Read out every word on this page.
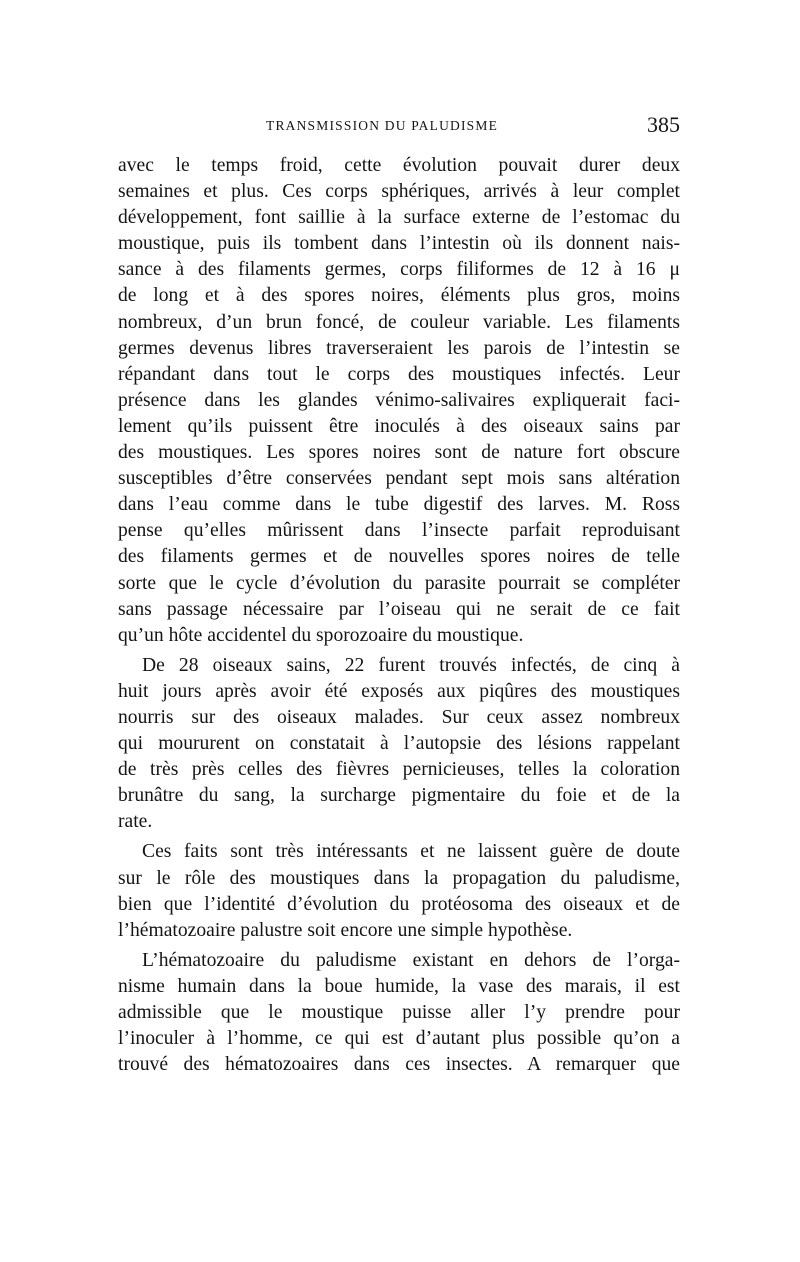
TRANSMISSION DU PALUDISME	385
avec le temps froid, cette évolution pouvait durer deux
semaines et plus. Ces corps sphériques, arrivés à leur complet
développement, font saillie à la surface externe de l’estomac du
moustique, puis ils tombent dans l’intestin où ils donnent nais-
sance à des filaments germes, corps filiformes de 12 à 16 μ
de long et à des spores noires, éléments plus gros, moins
nombreux, d’un brun foncé, de couleur variable. Les filaments
germes devenus libres traverseraient les parois de l’intestin se
répandant dans tout le corps des moustiques infectés. Leur
présence dans les glandes vénimo-salivaires expliquerait faci-
lement qu’ils puissent être inoculés à des oiseaux sains par
des moustiques. Les spores noires sont de nature fort obscure
susceptibles d’être conservées pendant sept mois sans altération
dans l’eau comme dans le tube digestif des larves. M. Ross
pense qu’elles mûrissent dans l’insecte parfait reproduisant
des filaments germes et de nouvelles spores noires de telle
sorte que le cycle d’évolution du parasite pourrait se compléter
sans passage nécessaire par l’oiseau qui ne serait de ce fait
qu’un hôte accidentel du sporozoaire du moustique.
De 28 oiseaux sains, 22 furent trouvés infectés, de cinq à
huit jours après avoir été exposés aux piqûres des moustiques
nourris sur des oiseaux malades. Sur ceux assez nombreux
qui moururent on constatait à l’autopsie des lésions rappelant
de très près celles des fièvres pernicieuses, telles la coloration
brunâtre du sang, la surcharge pigmentaire du foie et de la
rate.
Ces faits sont très intéressants et ne laissent guère de doute
sur le rôle des moustiques dans la propagation du paludisme,
bien que l’identité d’évolution du protéosoma des oiseaux et de
l’hématozoaire palustre soit encore une simple hypothèse.
L’hématozoaire du paludisme existant en dehors de l’orga-
nisme humain dans la boue humide, la vase des marais, il est
admissible que le moustique puisse aller l’y prendre pour
l’inoculer à l’homme, ce qui est d’autant plus possible qu’on a
trouvé des hématozoaires dans ces insectes. A remarquer que
